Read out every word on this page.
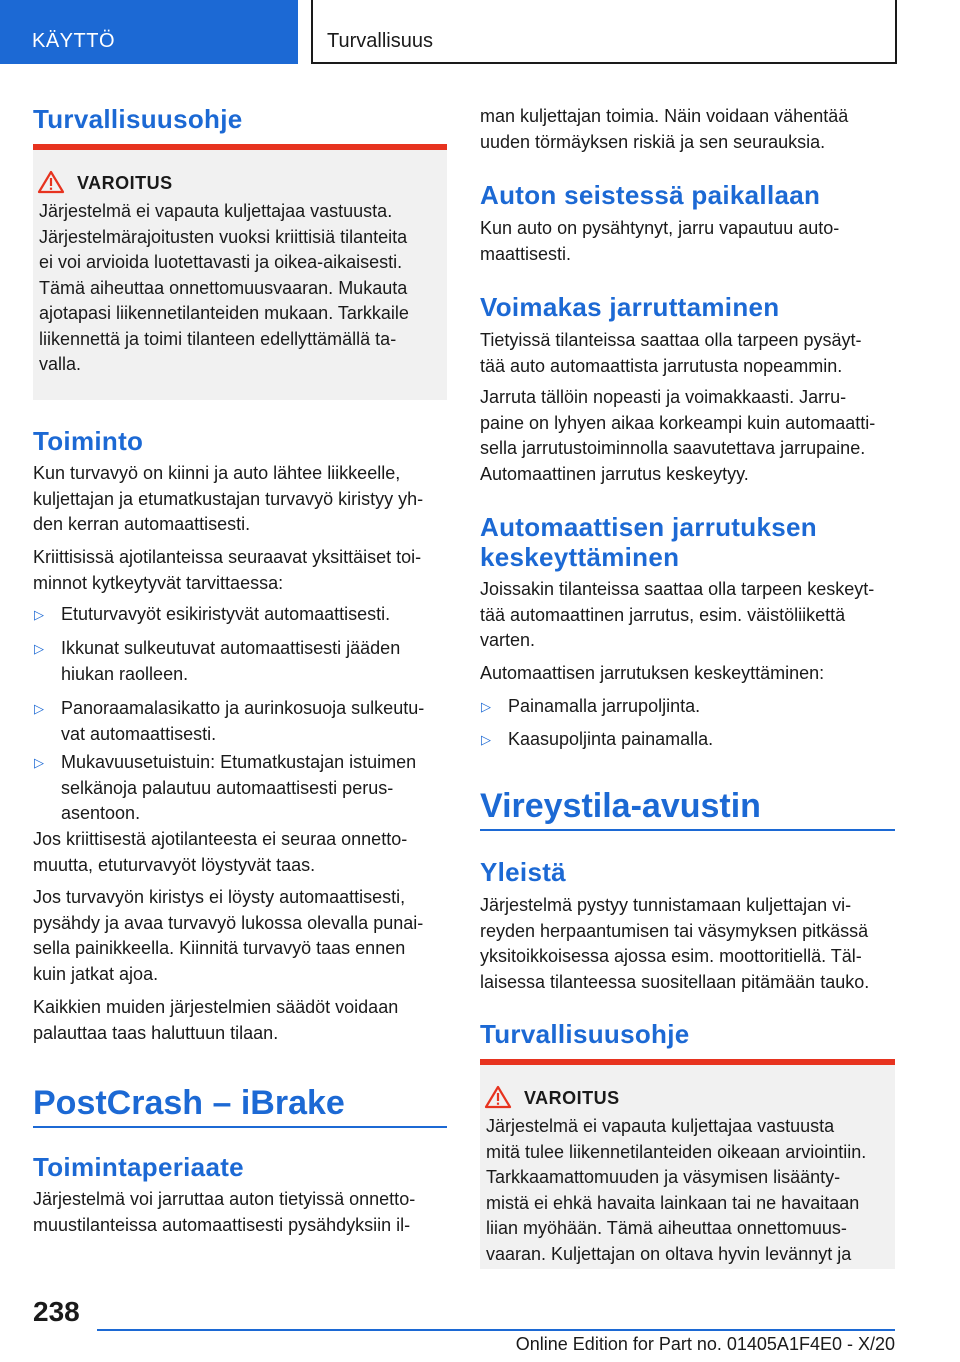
KÄYTTÖ	Turvallisuus
Turvallisuusohje
VAROITUS

Järjestelmä ei vapauta kuljettajaa vastuusta.
Järjestelmärajoitusten vuoksi kriittisiä tilanteita
ei voi arvioida luotettavasti ja oikea-aikaisesti.
Tämä aiheuttaa onnettomuusvaaran. Mukauta
ajotapasi liikennetilanteiden mukaan. Tarkkaile
liikennettä ja toimi tilanteen edellyttämällä ta-
valla.

Toiminto

Kun turvavyö on kiinni ja auto lähtee liikkeelle,
kuljettajan ja etumatkustajan turvavyö kiristyy yh-
den kerran automaattisesti.

Kriittisissä ajotilanteissa seuraavat yksittäiset toi-
minnot kytkeytyvät tarvittaessa:

▷ Etuturvavyöt esikiristyvät automaattisesti.
▷ Ikkunat sulkeutuvat automaattisesti jääden
hiukan raolleen.
▷ Panoraamalasikatto ja aurinkosuoja sulkeutu-
vat automaattisesti.
▷ Mukavuusetuistuin: Etumatkustajan istuimen
selkänoja palautuu automaattisesti perus-
asentoon.

Jos kriittisestä ajotilanteesta ei seuraa onnetto-
muutta, etuturvavyöt löystyvät taas.

Jos turvavyön kiristys ei löysty automaattisesti,
pysähdy ja avaa turvavyö lukossa olevalla punai-
sella painikkeella. Kiinnitä turvavyö taas ennen
kuin jatkat ajoa.

Kaikkien muiden järjestelmien säädöt voidaan
palauttaa taas haluttuun tilaan.

PostCrash – iBrake
Toimintaperiaate

Järjestelmä voi jarruttaa auton tietyissä onnetto-
muustilanteissa automaattisesti pysähdyksiin il-

man kuljettajan toimia. Näin voidaan vähentää
uuden törmäyksen riskiä ja sen seurauksia.

Auton seistessä paikallaan

Kun auto on pysähtynyt, jarru vapautuu auto-
maattisesti.

Voimakas jarruttaminen

Tietyissä tilanteissa saattaa olla tarpeen pysäyt-
tää auto automaattista jarrutusta nopeammin.

Jarruta tällöin nopeasti ja voimakkaasti. Jarru-
paine on lyhyen aikaa korkeampi kuin automaatti-
sella jarrutustoiminnolla saavutettava jarrupaine.
Automaattinen jarrutus keskeytyy.

Automaattisen jarrutuksen
keskeyttäminen

Joissakin tilanteissa saattaa olla tarpeen keskeyt-
tää automaattinen jarrutus, esim. väistöliikettä
varten.

Automaattisen jarrutuksen keskeyttäminen:

▷ Painamalla jarrupoljinta.
▷ Kaasupoljinta painamalla.
Vireystila-avustin
Yleistä

Järjestelmä pystyy tunnistamaan kuljettajan vi-
reyden herpaantumisen tai väsymyksen pitkässä
yksitoikkoisessa ajossa esim. moottoritiellä. Täl-
laisessa tilanteessa suositellaan pitämään tauko.

Turvallisuusohje
VAROITUS

Järjestelmä ei vapauta kuljettajaa vastuusta
mitä tulee liikennetilanteiden oikeaan arviointiin.
Tarkkaamattomuuden ja väsymisen lisäänty-
mistä ei ehkä havaita lainkaan tai ne havaitaan
liian myöhään. Tämä aiheuttaa onnettomuus-
vaaran. Kuljettajan on oltava hyvin levännyt ja

238

Online Edition for Part no. 01405A1F4E0 - X/20
